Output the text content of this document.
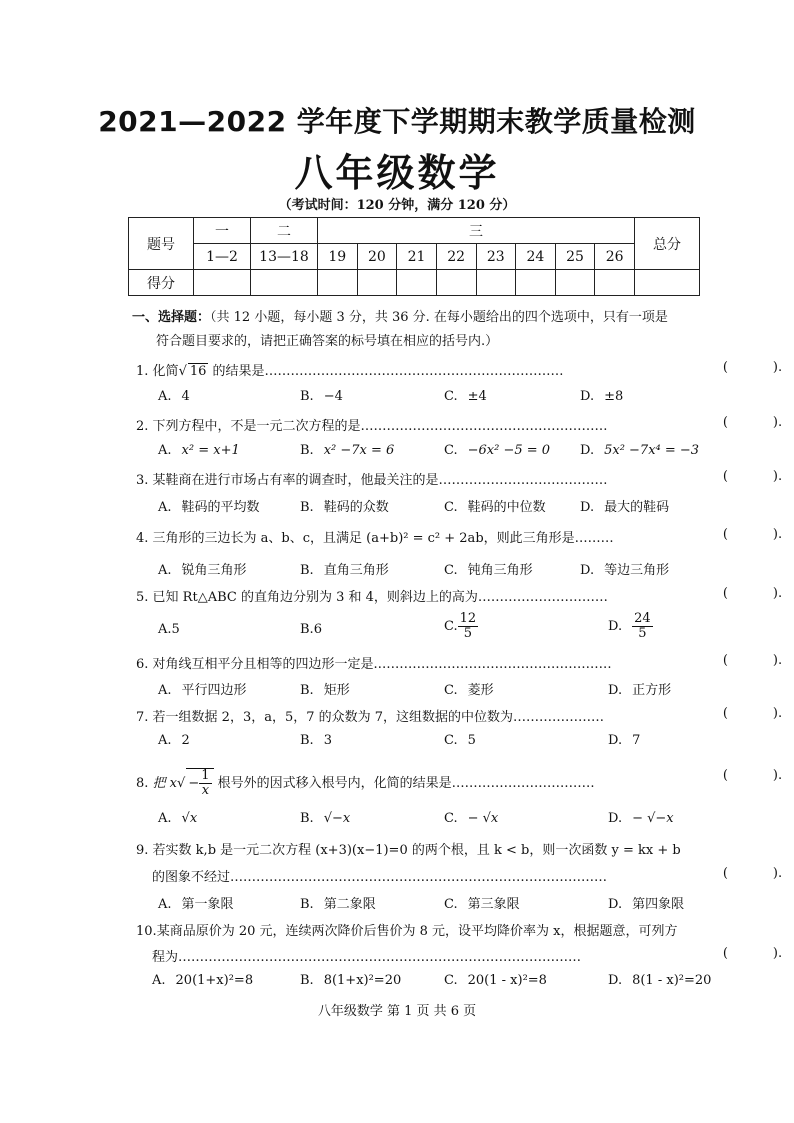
2021—2022 学年度下学期期末教学质量检测
八年级数学
（考试时间：120 分钟，满分 120 分）
题号	一	二	三								总分
	1—2	13—18	19	20	21	22	23	24	25	26	
得分											
一、选择题：（共 12 小题，每小题 3 分，共 36 分. 在每小题给出的四个选项中，只有一项是
符合题目要求的，请把正确答案的标号填在相应的括号内.）
1. 化简√ 16 的结果是……………………………………………………………	(	).
A. 4	B. −4	C. ±4	D. ±8
2. 下列方程中，不是一元二次方程的是…………………………………………………	(	).
A. x² = x+1	B. x² −7x = 6	C. −6x² −5 = 0 D. 5x² −7x⁴ = −3
3. 某鞋商在进行市场占有率的调查时，他最关注的是…………………………………	(	).
A. 鞋码的平均数	B. 鞋码的众数	C. 鞋码的中位数	D. 最大的鞋码
4. 三角形的三边长为 a、b、c，且满足 (a+b)² = c² + 2ab，则此三角形是………	(	).
A. 锐角三角形	B. 直角三角形	C. 钝角三角形	D. 等边三角形
5. 已知 Rt△ABC 的直角边分别为 3 和 4，则斜边上的高为…………………………	(	).
A.5	B.6	C. $\frac{12}{5}$	D. $\frac{24}{5}$
6. 对角线互相平分且相等的四边形一定是.………………………………………………	(	).
A. 平行四边形	B. 矩形	C. 菱形	D. 正方形
7. 若一组数据 2，3，a，5，7 的众数为 7，这组数据的中位数为…………………	(	).
A. 2	B. 3	C. 5	D. 7
8. 把 $x√ - \frac{1}{x}$ 根号外的因式移入根号内，化简的结果是……………………………
(	).
A. √x	B. √−x	C. − √x	D. − √−x
9. 若实数 k,b 是一元二次方程 (x+3)(x−1)=0 的两个根，且 k < b，则一次函数 y = kx + b
的图象不经过……………………………………………………………………………	(	).
A. 第一象限	B. 第二象限	C. 第三象限	D. 第四象限
10.某商品原价为 20 元，连续两次降价后售价为 8 元，设平均降价率为 x，根据题意，可列方
程为…………………………………………………………………………………	(	).
A. 20(1+x)²=8	B. 8(1+x)²=20	C. 20(1 - x)²=8	D. 8(1 - x)²=20
八年级数学 第 1 页 共 6 页
